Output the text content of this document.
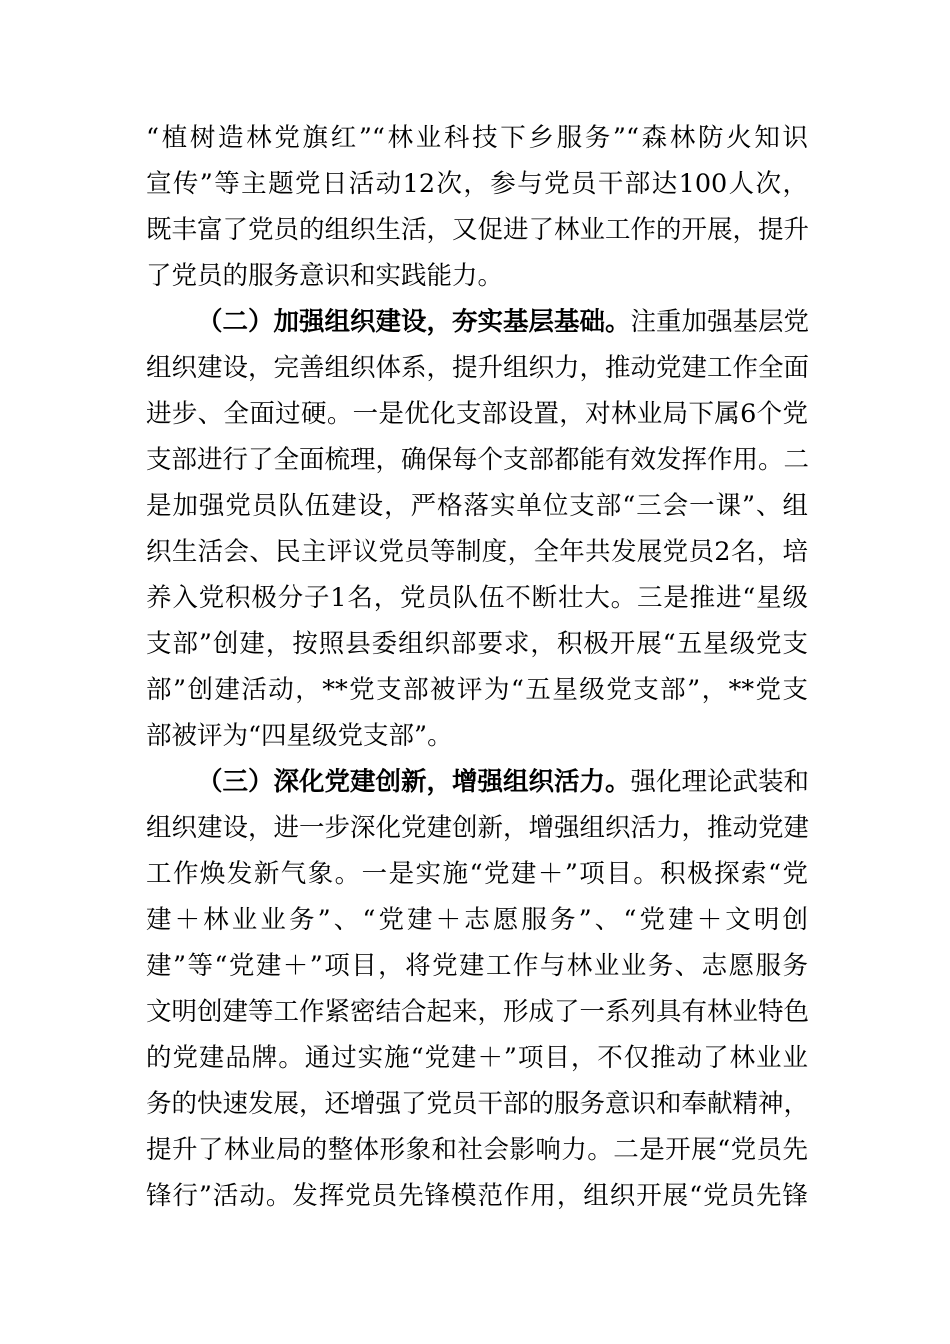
“植树造林党旗红”“林业科技下乡服务”“森林防火知识
宣传”等主题党日活动12次，参与党员干部达100人次，
既丰富了党员的组织生活，又促进了林业工作的开展，提升
了党员的服务意识和实践能力。
（二）加强组织建设，夯实基层基础。注重加强基层党
组织建设，完善组织体系，提升组织力，推动党建工作全面
进步、全面过硬。一是优化支部设置，对林业局下属6个党
支部进行了全面梳理，确保每个支部都能有效发挥作用。二
是加强党员队伍建设，严格落实单位支部“三会一课”、组
织生活会、民主评议党员等制度，全年共发展党员2名，培
养入党积极分子1名，党员队伍不断壮大。三是推进“星级
支部”创建，按照县委组织部要求，积极开展“五星级党支
部”创建活动，**党支部被评为“五星级党支部”，**党支
部被评为“四星级党支部”。
（三）深化党建创新，增强组织活力。强化理论武装和
组织建设，进一步深化党建创新，增强组织活力，推动党建
工作焕发新气象。一是实施“党建＋”项目。积极探索“党
建＋林业业务”、“党建＋志愿服务”、“党建＋文明创
建”等“党建＋”项目，将党建工作与林业业务、志愿服务
文明创建等工作紧密结合起来，形成了一系列具有林业特色
的党建品牌。通过实施“党建＋”项目，不仅推动了林业业
务的快速发展，还增强了党员干部的服务意识和奉献精神，
提升了林业局的整体形象和社会影响力。二是开展“党员先
锋行”活动。发挥党员先锋模范作用，组织开展“党员先锋
